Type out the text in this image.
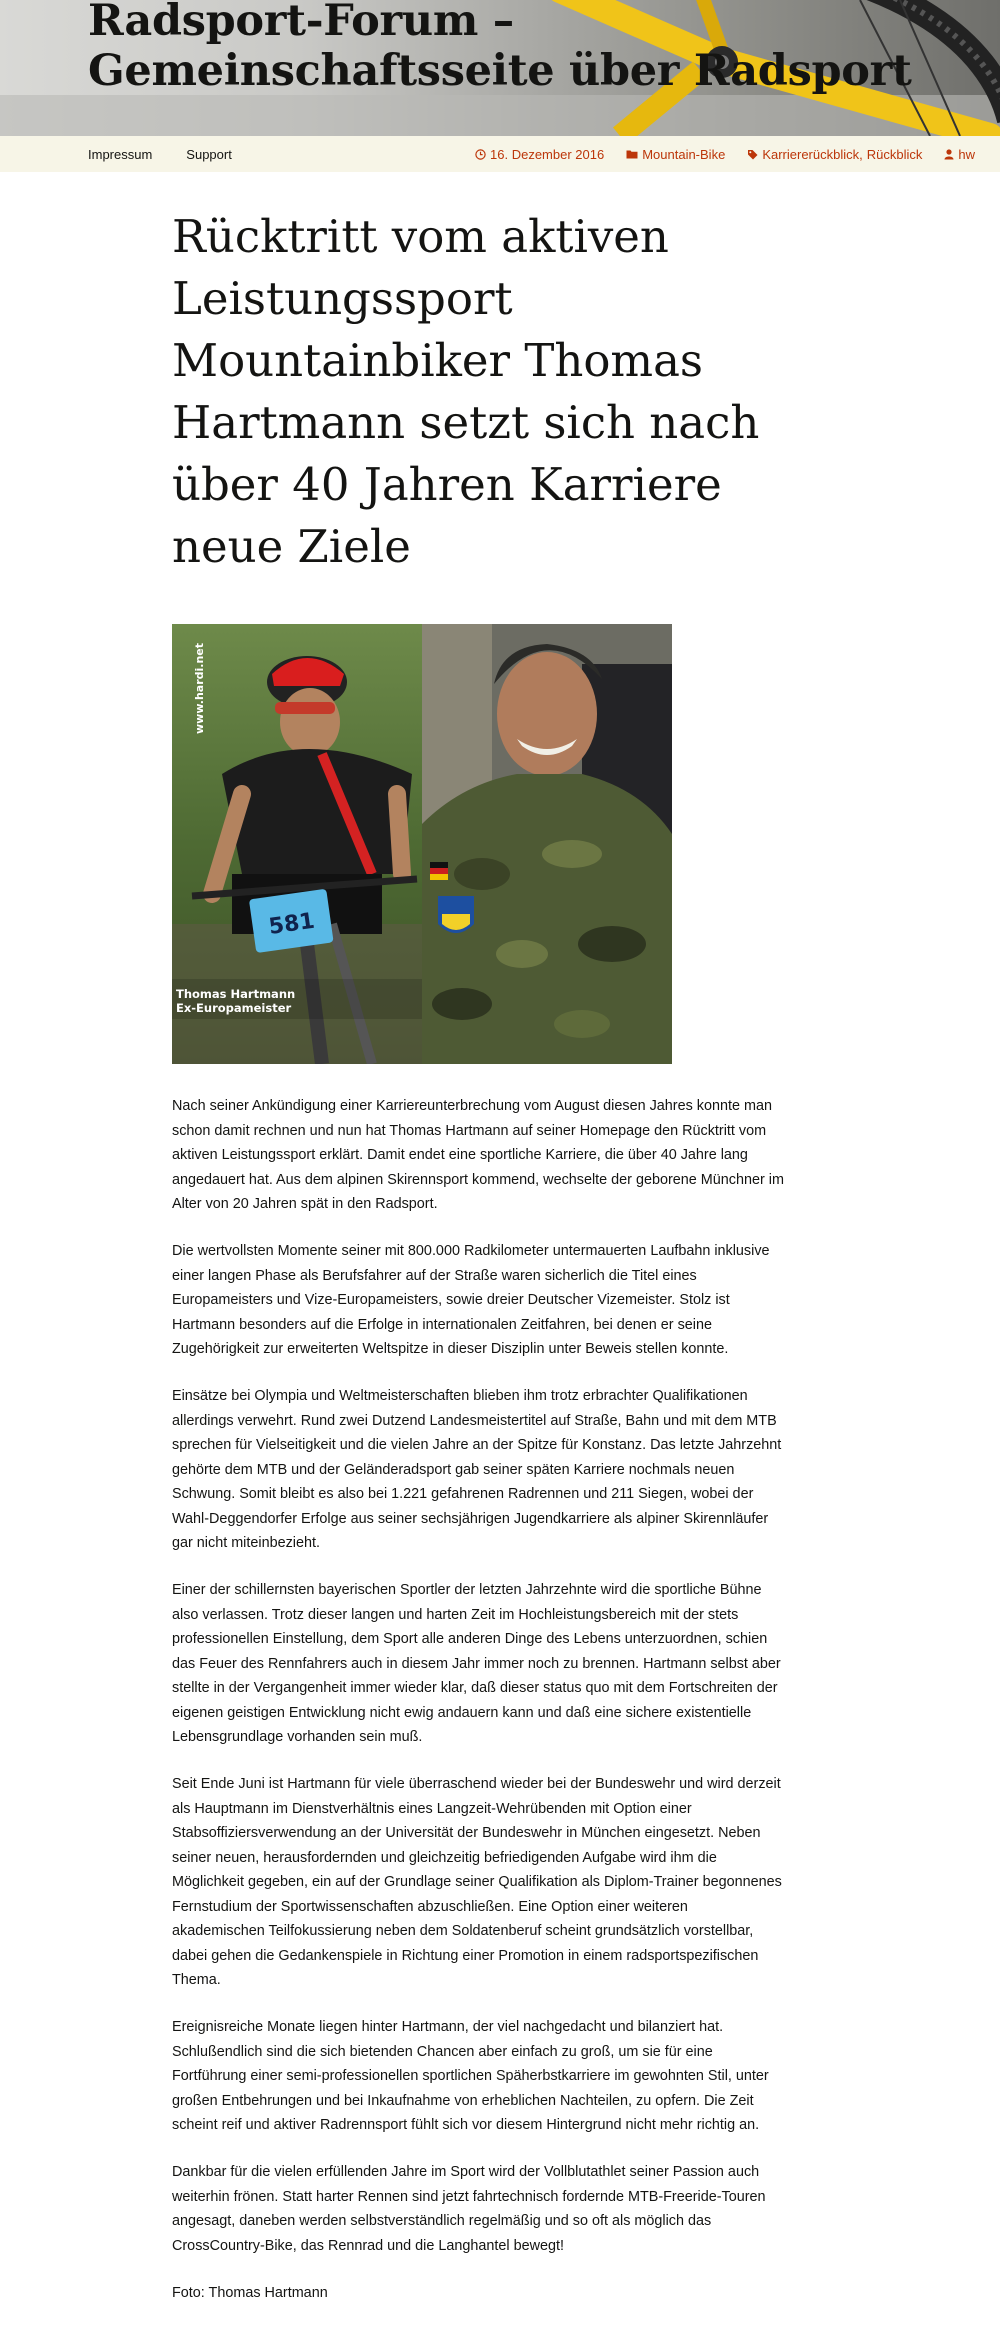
Radsport-Forum – Gemeinschaftsseite über Radsport
Impressum	Support	16. Dezember 2016	Mountain-Bike	Karriererückblick , Rückblick	hw
Rücktritt vom aktiven Leistungssport Mountainbiker Thomas Hartmann setzt sich nach über 40 Jahren Karriere neue Ziele
581
www.hardi.net
Thomas Hartmann
Ex-Europameister

Nach seiner Ankündigung einer Karriereunterbrechung vom August diesen Jahres konnte man schon damit rechnen und nun hat Thomas Hartmann auf seiner Homepage den Rücktritt vom aktiven Leistungssport erklärt. Damit endet eine sportliche Karriere, die über 40 Jahre lang angedauert hat. Aus dem alpinen Skirennsport kommend, wechselte der geborene Münchner im Alter von 20 Jahren spät in den Radsport.

Die wertvollsten Momente seiner mit 800.000 Radkilometer untermauerten Laufbahn inklusive einer langen Phase als Berufsfahrer auf der Straße waren sicherlich die Titel eines Europameisters und Vize-Europameisters, sowie dreier Deutscher Vizemeister. Stolz ist Hartmann besonders auf die Erfolge in internationalen Zeitfahren, bei denen er seine Zugehörigkeit zur erweiterten Weltspitze in dieser Disziplin unter Beweis stellen konnte.

Einsätze bei Olympia und Weltmeisterschaften blieben ihm trotz erbrachter Qualifikationen allerdings verwehrt. Rund zwei Dutzend Landesmeistertitel auf Straße, Bahn und mit dem MTB sprechen für Vielseitigkeit und die vielen Jahre an der Spitze für Konstanz. Das letzte Jahrzehnt gehörte dem MTB und der Geländeradsport gab seiner späten Karriere nochmals neuen Schwung. Somit bleibt es also bei 1.221 gefahrenen Radrennen und 211 Siegen, wobei der Wahl-Deggendorfer Erfolge aus seiner sechsjährigen Jugendkarriere als alpiner Skirennläufer gar nicht miteinbezieht.

Einer der schillernsten bayerischen Sportler der letzten Jahrzehnte wird die sportliche Bühne also verlassen. Trotz dieser langen und harten Zeit im Hochleistungsbereich mit der stets professionellen Einstellung, dem Sport alle anderen Dinge des Lebens unterzuordnen, schien das Feuer des Rennfahrers auch in diesem Jahr immer noch zu brennen. Hartmann selbst aber stellte in der Vergangenheit immer wieder klar, daß dieser status quo mit dem Fortschreiten der eigenen geistigen Entwicklung nicht ewig andauern kann und daß eine sichere existentielle Lebensgrundlage vorhanden sein muß.

Seit Ende Juni ist Hartmann für viele überraschend wieder bei der Bundeswehr und wird derzeit als Hauptmann im Dienstverhältnis eines Langzeit-Wehrübenden mit Option einer Stabsoffiziersverwendung an der Universität der Bundeswehr in München eingesetzt. Neben seiner neuen, herausfordernden und gleichzeitig befriedigenden Aufgabe wird ihm die Möglichkeit gegeben, ein auf der Grundlage seiner Qualifikation als Diplom-Trainer begonnenes Fernstudium der Sportwissenschaften abzuschließen. Eine Option einer weiteren akademischen Teilfokussierung neben dem Soldatenberuf scheint grundsätzlich vorstellbar, dabei gehen die Gedankenspiele in Richtung einer Promotion in einem radsportspezifischen Thema.

Ereignisreiche Monate liegen hinter Hartmann, der viel nachgedacht und bilanziert hat. Schlußendlich sind die sich bietenden Chancen aber einfach zu groß, um sie für eine Fortführung einer semi-professionellen sportlichen Späherbstkarriere im gewohnten Stil, unter großen Entbehrungen und bei Inkaufnahme von erheblichen Nachteilen, zu opfern. Die Zeit scheint reif und aktiver Radrennsport fühlt sich vor diesem Hintergrund nicht mehr richtig an.

Dankbar für die vielen erfüllenden Jahre im Sport wird der Vollblutathlet seiner Passion auch weiterhin frönen. Statt harter Rennen sind jetzt fahrtechnisch fordernde MTB-Freeride-Touren angesagt, daneben werden selbstverständlich regelmäßig und so oft als möglich das CrossCountry-Bike, das Rennrad und die Langhantel bewegt!

Foto: Thomas Hartmann
